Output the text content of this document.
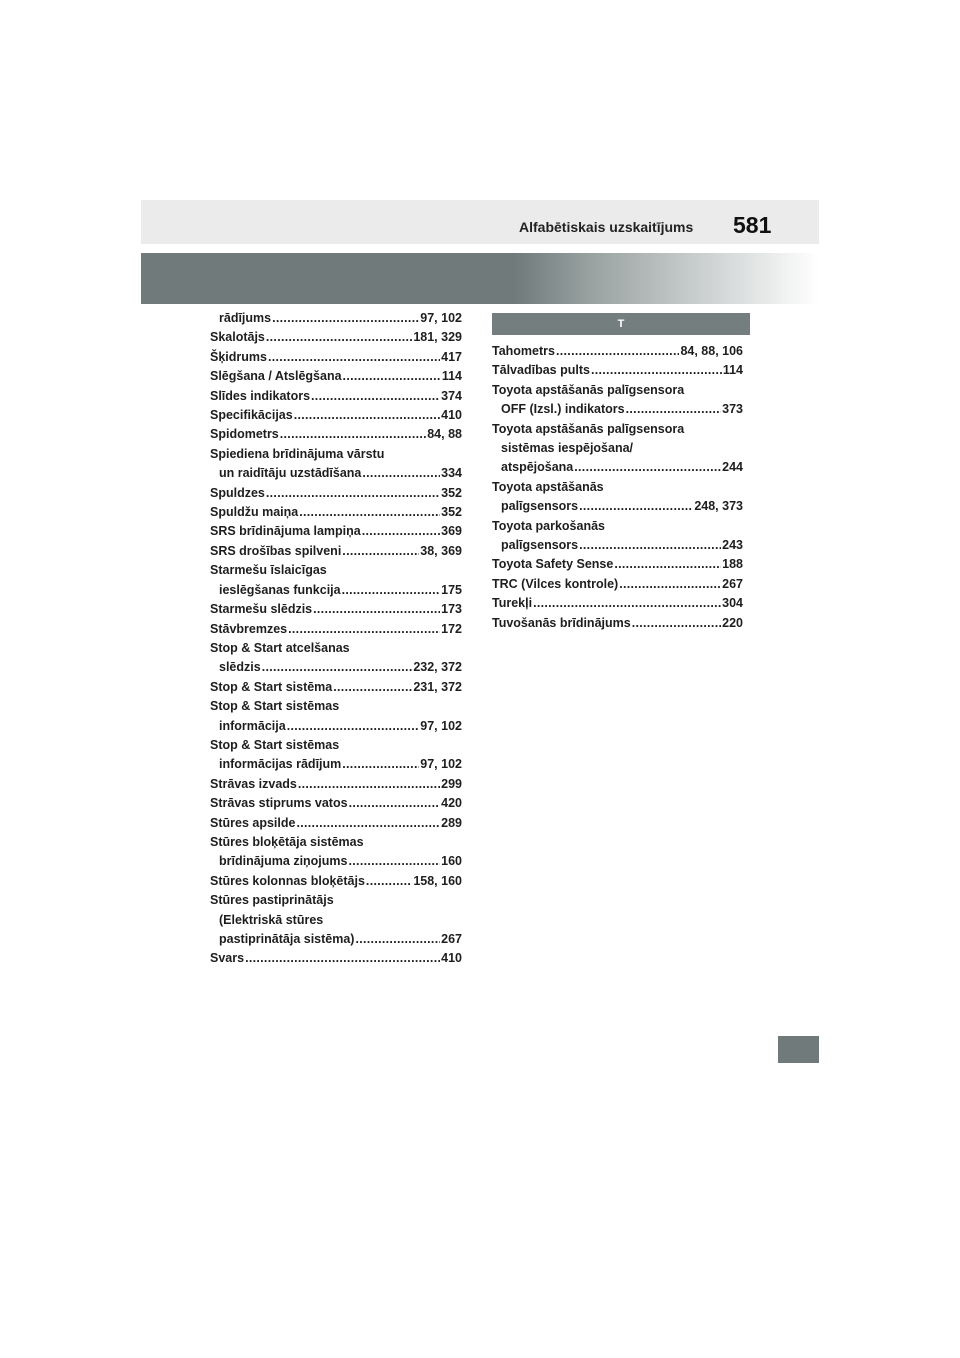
Alfabētiskais uzskaitījums 581
rādījums .....	97, 102
Skalotājs .....	181, 329
Šķidrums .....	417
Slēgšana / Atslēgšana .....	114
Slīdes indikators .....	374
Specifikācijas .....	410
Spidometrs .....	84, 88
Spiediena brīdinājuma vārstu
un raidītāju uzstādīšana .....	334
Spuldzes .....	352
Spuldžu maiņa .....	352
SRS brīdinājuma lampiņa .....	369
SRS drošības spilveni .....	38, 369
Starmešu īslaicīgas
ieslēgšanas funkcija .....	175
Starmešu slēdzis .....	173
Stāvbremzes .....	172
Stop & Start atcelšanas
slēdzis .....	232, 372
Stop & Start sistēma .....	231, 372
Stop & Start sistēmas
informācija .....	97, 102
Stop & Start sistēmas
informācijas rādījum .....	97, 102
Strāvas izvads .....	299
Strāvas stiprums vatos .....	420
Stūres apsilde .....	289
Stūres bloķētāja sistēmas
brīdinājuma ziņojums .....	160
Stūres kolonnas bloķētājs .....	158, 160
Stūres pastiprinātājs
(Elektriskā stūres
pastiprinātāja sistēma) .....	267
Svars .....	410
T
Tahometrs .....	84, 88, 106
Tālvadības pults .....	114
Toyota apstāšanās palīgsensora
OFF (Izsl.) indikators .....	373
Toyota apstāšanās palīgsensora
sistēmas iespējošana/
atspējošana .....	244
Toyota apstāšanās
palīgsensors .....	248, 373
Toyota parkošanās
palīgsensors .....	243
Toyota Safety Sense .....	188
TRC (Vilces kontrole) .....	267
Turekļi .....	304
Tuvošanās brīdinājums .....	220
